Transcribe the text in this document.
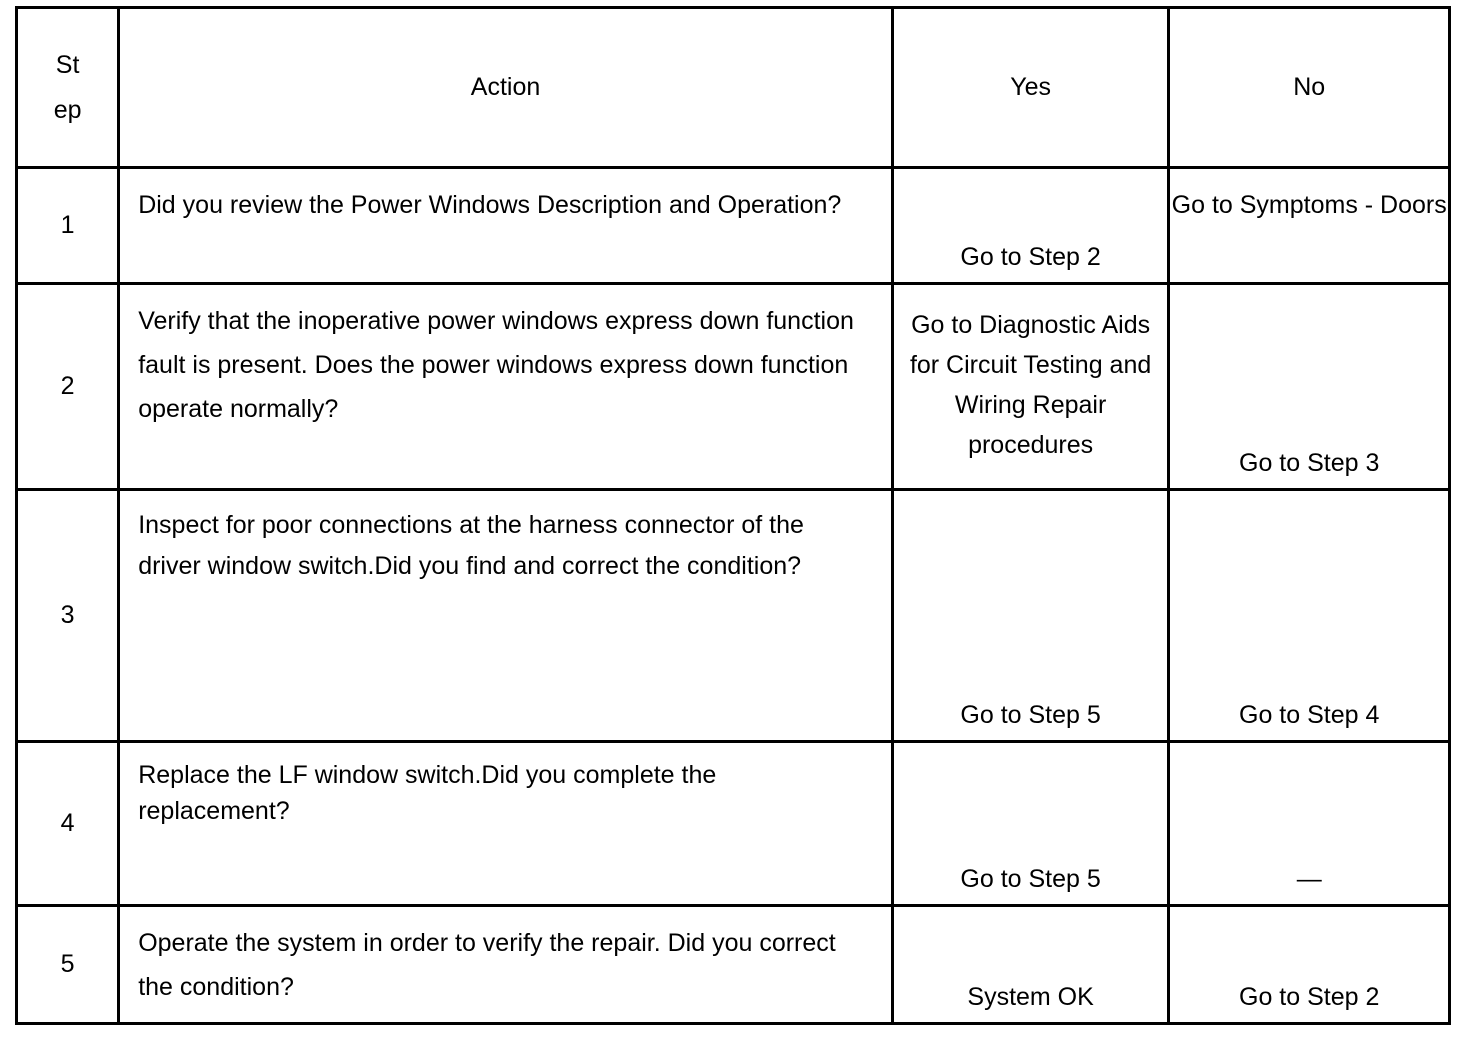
St
ep	Action	Yes	No
1	Did you review the Power Windows Description and Operation?	Go to Step 2	Go to Symptoms - Doors

2	Verify that the inoperative power windows express down function fault is present. Does the power windows express down function operate normally?	Go to Diagnostic Aids for Circuit Testing and Wiring Repair procedures	Go to Step 3

3	Inspect for poor connections at the harness connector of the driver window switch.Did you find and correct the condition?	Go to Step 5	Go to Step 4

4	Replace the LF window switch.Did you complete the replacement?	Go to Step 5	—

5	Operate the system in order to verify the repair. Did you correct the condition?	System OK	Go to Step 2
